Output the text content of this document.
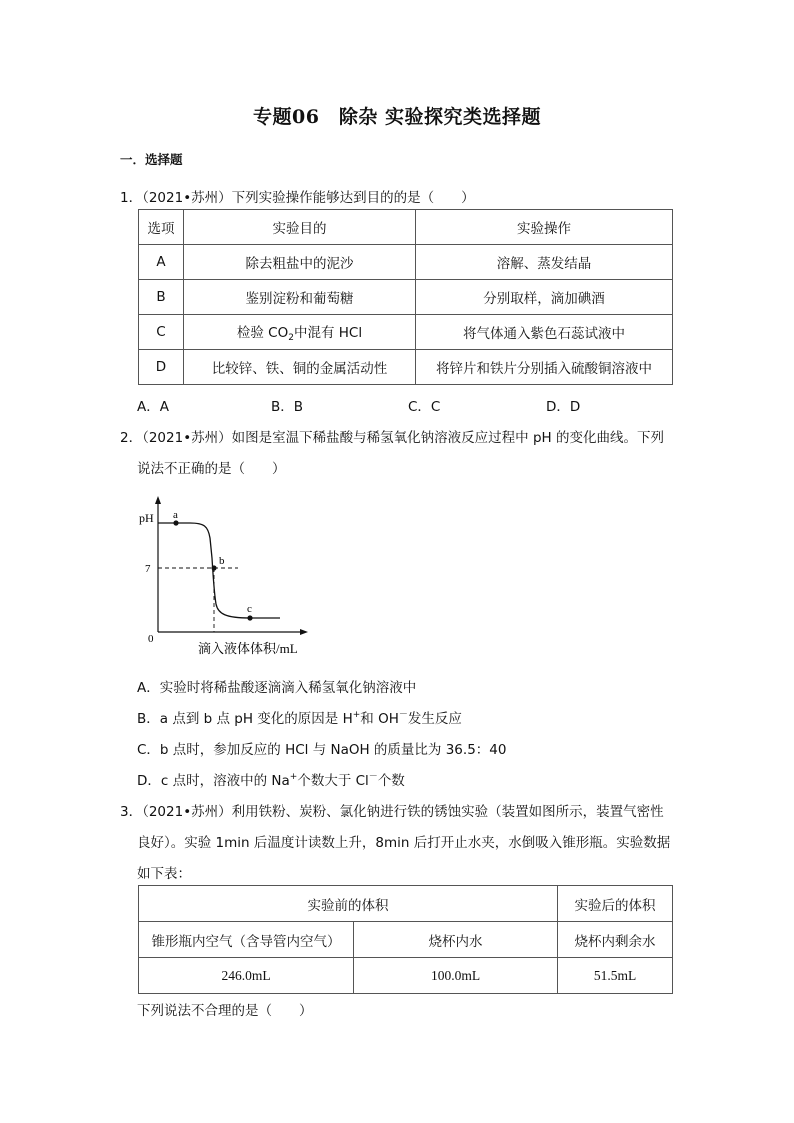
专题06　除杂 实验探究类选择题
一．选择题
1．（2021•苏州）下列实验操作能够达到目的的是（　　）
选项	实验目的	实验操作
A	除去粗盐中的泥沙	溶解、蒸发结晶
B	鉴别淀粉和葡萄糖	分别取样，滴加碘酒
C	检验 $CO_2$中混有 HCl	将气体通入紫色石蕊试液中
D	比较锌、铁、铜的金属活动性	将锌片和铁片分别插入硫酸铜溶液中
A．A	B．B	C．C	D．D
2．（2021•苏州）如图是室温下稀盐酸与稀氢氧化钠溶液反应过程中 pH 的变化曲线。下列
说法不正确的是（　　）
pH
7
0
a
b
c
滴入液体体积/mL
A．实验时将稀盐酸逐滴滴入稀氢氧化钠溶液中
B．a 点到 b 点 pH 变化的原因是 H+和 OH－发生反应
C．b 点时，参加反应的 HCl 与 NaOH 的质量比为 36.5：40
D．c 点时，溶液中的 Na+个数大于 Cl－个数
3．（2021•苏州）利用铁粉、炭粉、氯化钠进行铁的锈蚀实验（装置如图所示，装置气密性
良好）。实验 1min 后温度计读数上升，8min 后打开止水夹，水倒吸入锥形瓶。实验数据
如下表：
实验前的体积		实验后的体积
锥形瓶内空气（含导管内空气）	烧杯内水	烧杯内剩余水
246.0mL	100.0mL	51.5mL
下列说法不合理的是（　　）
